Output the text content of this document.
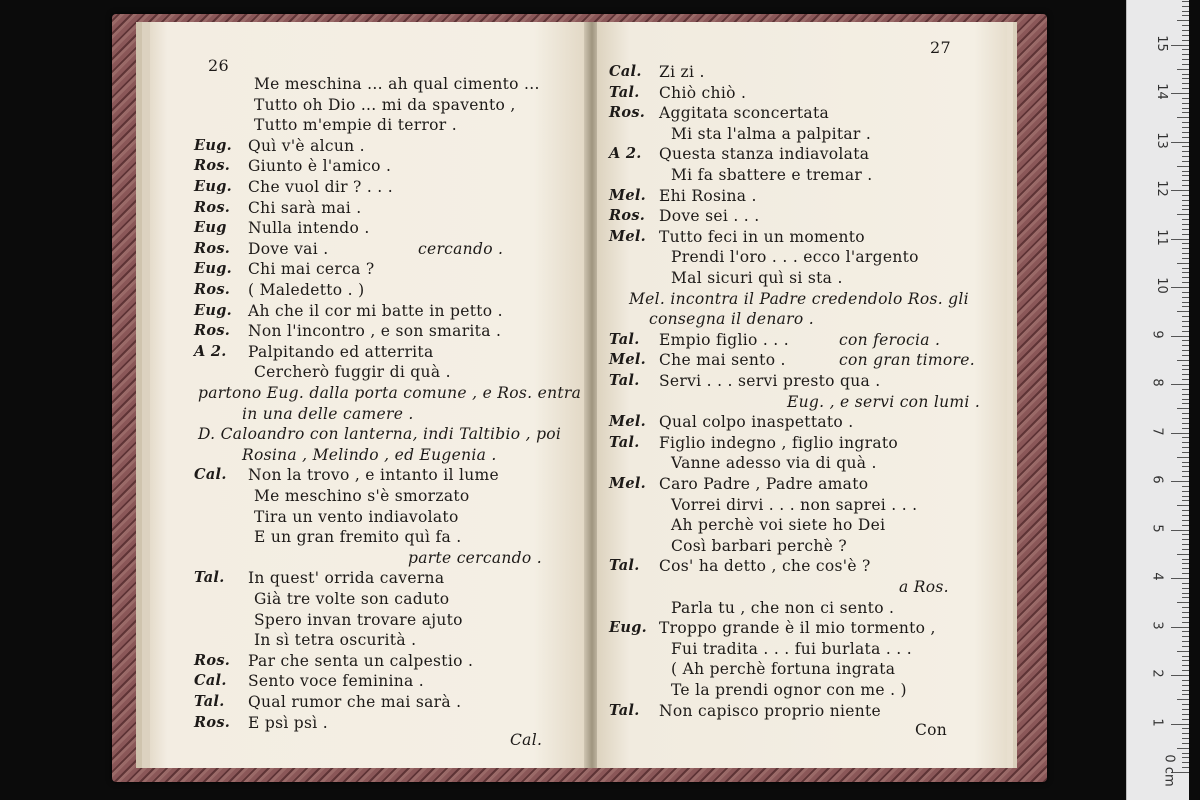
26
Me meschina ... ah qual cimento ...
Tutto oh Dio ... mi da spavento ,
Tutto m'empie di terror .
Eug. Quì v'è alcun .
Ros. Giunto è l'amico .
Eug. Che vuol dir ? . . .
Ros. Chi sarà mai .
Eug Nulla intendo .
Ros. Dove vai .	cercando .
Eug. Chi mai cerca ?
Ros. ( Maledetto . )
Eug. Ah che il cor mi batte in petto .
Ros. Non l'incontro , e son smarita .
A 2. Palpitando ed atterrita
Cercherò fuggir di quà .
partono Eug. dalla porta comune , e Ros. entra
in una delle camere .
D. Caloandro con lanterna, indi Taltibio , poi
Rosina , Melindo , ed Eugenia .
Cal. Non la trovo , e intanto il lume
Me meschino s'è smorzato
Tira un vento indiavolato
E un gran fremito quì fa .
parte cercando .
Tal. In quest' orrida caverna
Già tre volte son caduto
Spero invan trovare ajuto
In sì tetra oscurità .
Ros. Par che senta un calpestio .
Cal. Sento voce feminina .
Tal. Qual rumor che mai sarà .
Ros. E psì psì .
Cal.
27
Cal. Zi zi .
Tal. Chiò chiò .
Ros. Aggitata sconcertata
Mi sta l'alma a palpitar .
A 2. Questa stanza indiavolata
Mi fa sbattere e tremar .
Mel. Ehi Rosina .
Ros. Dove sei . . .
Mel. Tutto feci in un momento
Prendi l'oro . . . ecco l'argento
Mal sicuri quì si sta .
Mel. incontra il Padre credendolo Ros. gli
consegna il denaro .
Tal. Empio figlio . . .	con ferocia .
Mel. Che mai sento .	con gran timore.
Tal. Servi . . . servi presto qua .
Eug. , e servi con lumi .
Mel. Qual colpo inaspettato .
Tal. Figlio indegno , figlio ingrato
Vanne adesso via di quà .
Mel. Caro Padre , Padre amato
Vorrei dirvi . . . non saprei . . .
Ah perchè voi siete ho Dei
Così barbari perchè ?
Tal. Cos' ha detto , che cos'è ?
a Ros.
Parla tu , che non ci sento .
Eug. Troppo grande è il mio tormento ,
Fui tradita . . . fui burlata . . .
( Ah perchè fortuna ingrata
Te la prendi ognor con me . )
Tal. Non capisco proprio niente
Con
0 cm
1
2
3
4
5
6
7
8
9
10
11
12
13
14
15
